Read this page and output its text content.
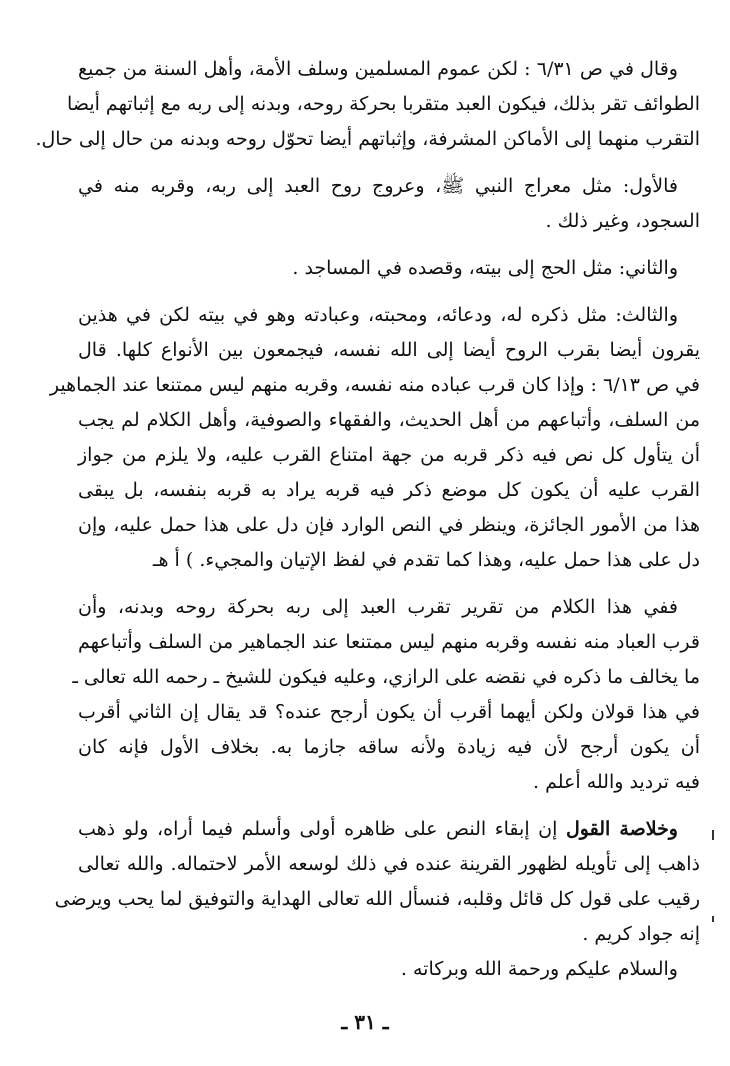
وقال في ص ٦/٣١ : لكن عموم المسلمين وسلف الأمة، وأهل السنة من جميع
الطوائف تقر بذلك، فيكون العبد متقربا بحركة روحه، وبدنه إلى ربه مع إثباتهم أيضا
التقرب منهما إلى الأماكن المشرفة، وإثباتهم أيضا تحوّل روحه وبدنه من حال إلى حال.
فالأول: مثل معراج النبي ﷺ، وعروج روح العبد إلى ربه، وقربه منه في
السجود، وغير ذلك .
والثاني: مثل الحج إلى بيته، وقصده في المساجد .
والثالث: مثل ذكره له، ودعائه، ومحبته، وعبادته وهو في بيته لكن في هذين
يقرون أيضا بقرب الروح أيضا إلى الله نفسه، فيجمعون بين الأنواع كلها. قال
في ص ٦/١٣ : وإذا كان قرب عباده منه نفسه، وقربه منهم ليس ممتنعا عند الجماهير
من السلف، وأتباعهم من أهل الحديث، والفقهاء والصوفية، وأهل الكلام لم يجب
أن يتأول كل نص فيه ذكر قربه من جهة امتناع القرب عليه، ولا يلزم من جواز
القرب عليه أن يكون كل موضع ذكر فيه قربه يراد به قربه بنفسه، بل يبقى
هذا من الأمور الجائزة، وينظر في النص الوارد فإن دل على هذا حمل عليه، وإن
دل على هذا حمل عليه، وهذا كما تقدم في لفظ الإتيان والمجيء. ) أ هـ
ففي هذا الكلام من تقرير تقرب العبد إلى ربه بحركة روحه وبدنه، وأن
قرب العباد منه نفسه وقربه منهم ليس ممتنعا عند الجماهير من السلف وأتباعهم
ما يخالف ما ذكره في نقضه على الرازي، وعليه فيكون للشيخ ـ رحمه الله تعالى ـ
في هذا قولان ولكن أيهما أقرب أن يكون أرجح عنده؟ قد يقال إن الثاني أقرب
أن يكون أرجح لأن فيه زيادة ولأنه ساقه جازما به. بخلاف الأول فإنه كان
فيه ترديد والله أعلم .
وخلاصة القول إن إبقاء النص على ظاهره أولى وأسلم فيما أراه، ولو ذهب
ذاهب إلى تأويله لظهور القرينة عنده في ذلك لوسعه الأمر لاحتماله. والله تعالى
رقيب على قول كل قائل وقلبه، فنسأل الله تعالى الهداية والتوفيق لما يحب ويرضى
إنه جواد كريم .
والسلام عليكم ورحمة الله وبركاته .
ـ ٣١ ـ
